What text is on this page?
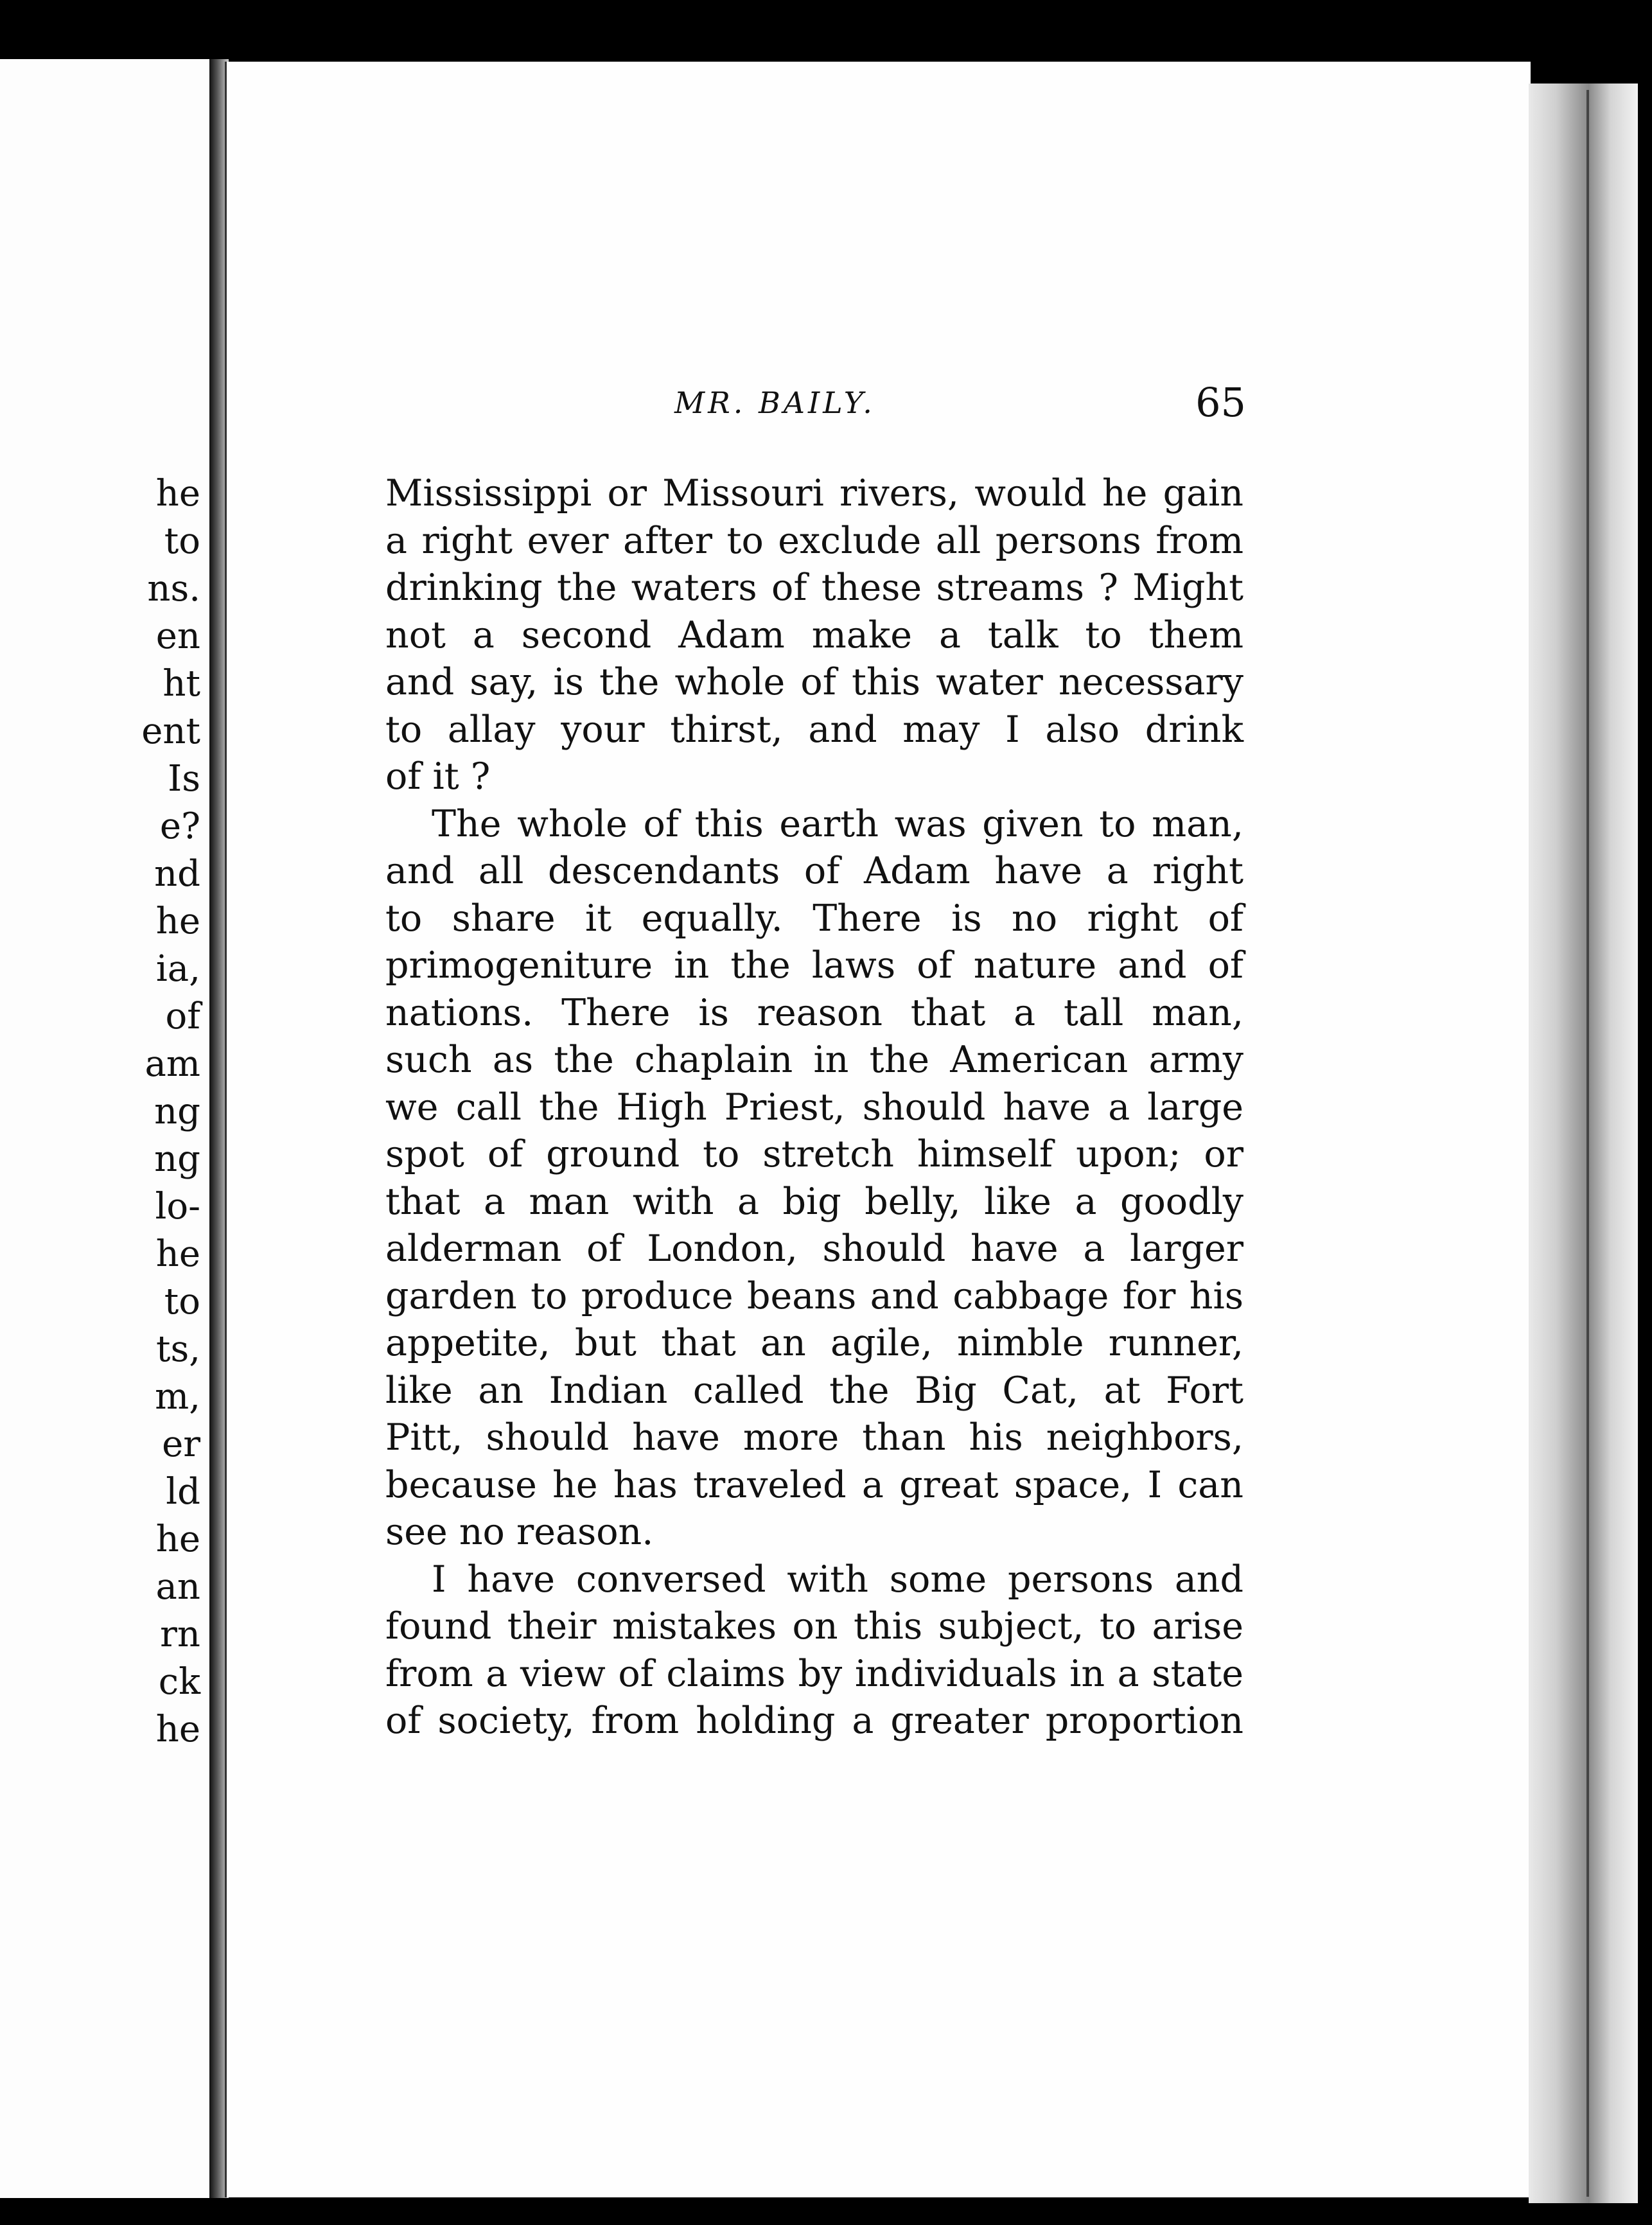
he
to
ns.
en
ht
ent
Is
e?
nd
he
ia,
of
am
ng
ng
lo-
he
to
ts,
m,
er
ld
he
an
rn
ck
he
MR. BAILY.	65
Mississippi or Missouri rivers, would he gain
a right ever after to exclude all persons from
drinking the waters of these streams ? Might
not a second Adam make a talk to them
and say, is the whole of this water necessary
to allay your thirst, and may I also drink
of it ?
The whole of this earth was given to man,
and all descendants of Adam have a right
to share it equally. There is no right of
primogeniture in the laws of nature and of
nations. There is reason that a tall man,
such as the chaplain in the American army
we call the High Priest, should have a large
spot of ground to stretch himself upon; or
that a man with a big belly, like a goodly
alderman of London, should have a larger
garden to produce beans and cabbage for his
appetite, but that an agile, nimble runner,
like an Indian called the Big Cat, at Fort
Pitt, should have more than his neighbors,
because he has traveled a great space, I can
see no reason.
I have conversed with some persons and
found their mistakes on this subject, to arise
from a view of claims by individuals in a state
of society, from holding a greater proportion
